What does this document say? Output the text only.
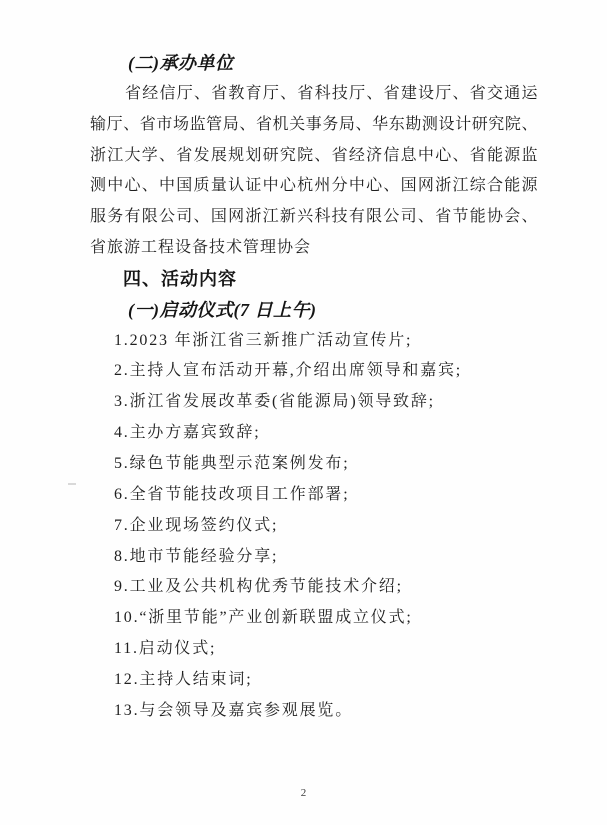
(二)承办单位
省经信厅、省教育厅、省科技厅、省建设厅、省交通运
输厅、省市场监管局、省机关事务局、华东勘测设计研究院、
浙江大学、省发展规划研究院、省经济信息中心、省能源监
测中心、中国质量认证中心杭州分中心、国网浙江综合能源
服务有限公司、国网浙江新兴科技有限公司、省节能协会、
省旅游工程设备技术管理协会
四、活动内容
(一)启动仪式(7 日上午)
1.2023 年浙江省三新推广活动宣传片;
2.主持人宣布活动开幕,介绍出席领导和嘉宾;
3.浙江省发展改革委(省能源局)领导致辞;
4.主办方嘉宾致辞;
5.绿色节能典型示范案例发布;
6.全省节能技改项目工作部署;
7.企业现场签约仪式;
8.地市节能经验分享;
9.工业及公共机构优秀节能技术介绍;
10.“浙里节能”产业创新联盟成立仪式;
11.启动仪式;
12.主持人结束词;
13.与会领导及嘉宾参观展览。
2
